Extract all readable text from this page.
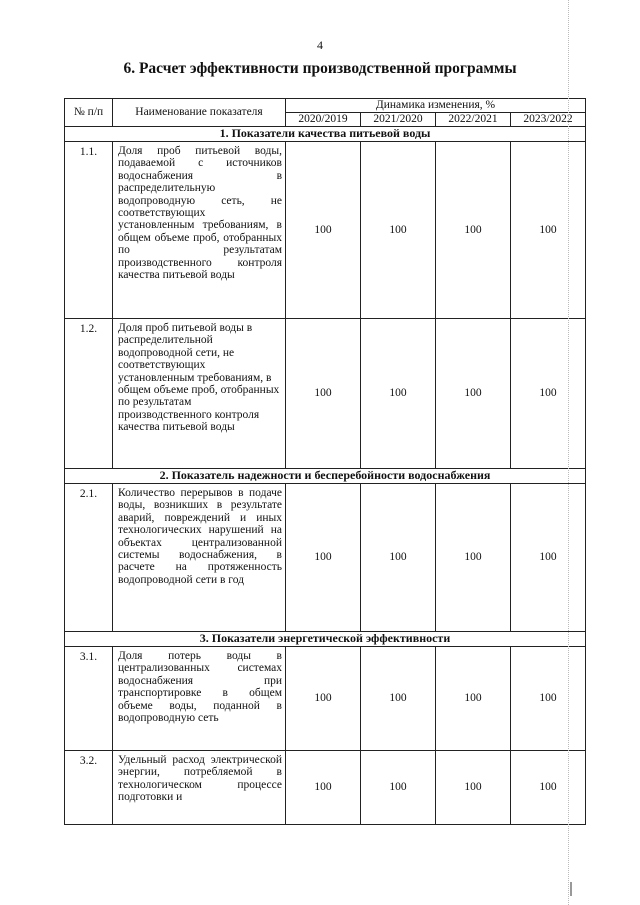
4
6. Расчет эффективности производственной программы
№ п/п	Наименование показателя	Динамика изменения, %			
		2020/2019	2021/2020	2022/2021	2023/2022
1. Показатели качества питьевой воды					
1.1.	Доля проб питьевой воды, подаваемой с источников водоснабжения в распределительную водопроводную сеть, не соответствующих установленным требованиям, в общем объеме проб, отобранных по результатам производственного контроля качества питьевой воды	100	100	100	100
1.2.	Доля проб питьевой воды в распределительной водопроводной сети, не соответствующих установленным требованиям, в общем объеме проб, отобранных по результатам производственного контроля качества питьевой воды	100	100	100	100
2. Показатель надежности и бесперебойности водоснабжения					
2.1.	Количество перерывов в подаче воды, возникших в результате аварий, повреждений и иных технологических нарушений на объектах централизованной системы водоснабжения, в расчете на протяженность водопроводной сети в год	100	100	100	100
3. Показатели энергетической эффективности					
3.1.	Доля потерь воды в централизованных системах водоснабжения при транспортировке в общем объеме воды, поданной в водопроводную сеть	100	100	100	100
3.2.	Удельный расход электрической энергии, потребляемой в технологическом процессе подготовки и	100	100	100	100
